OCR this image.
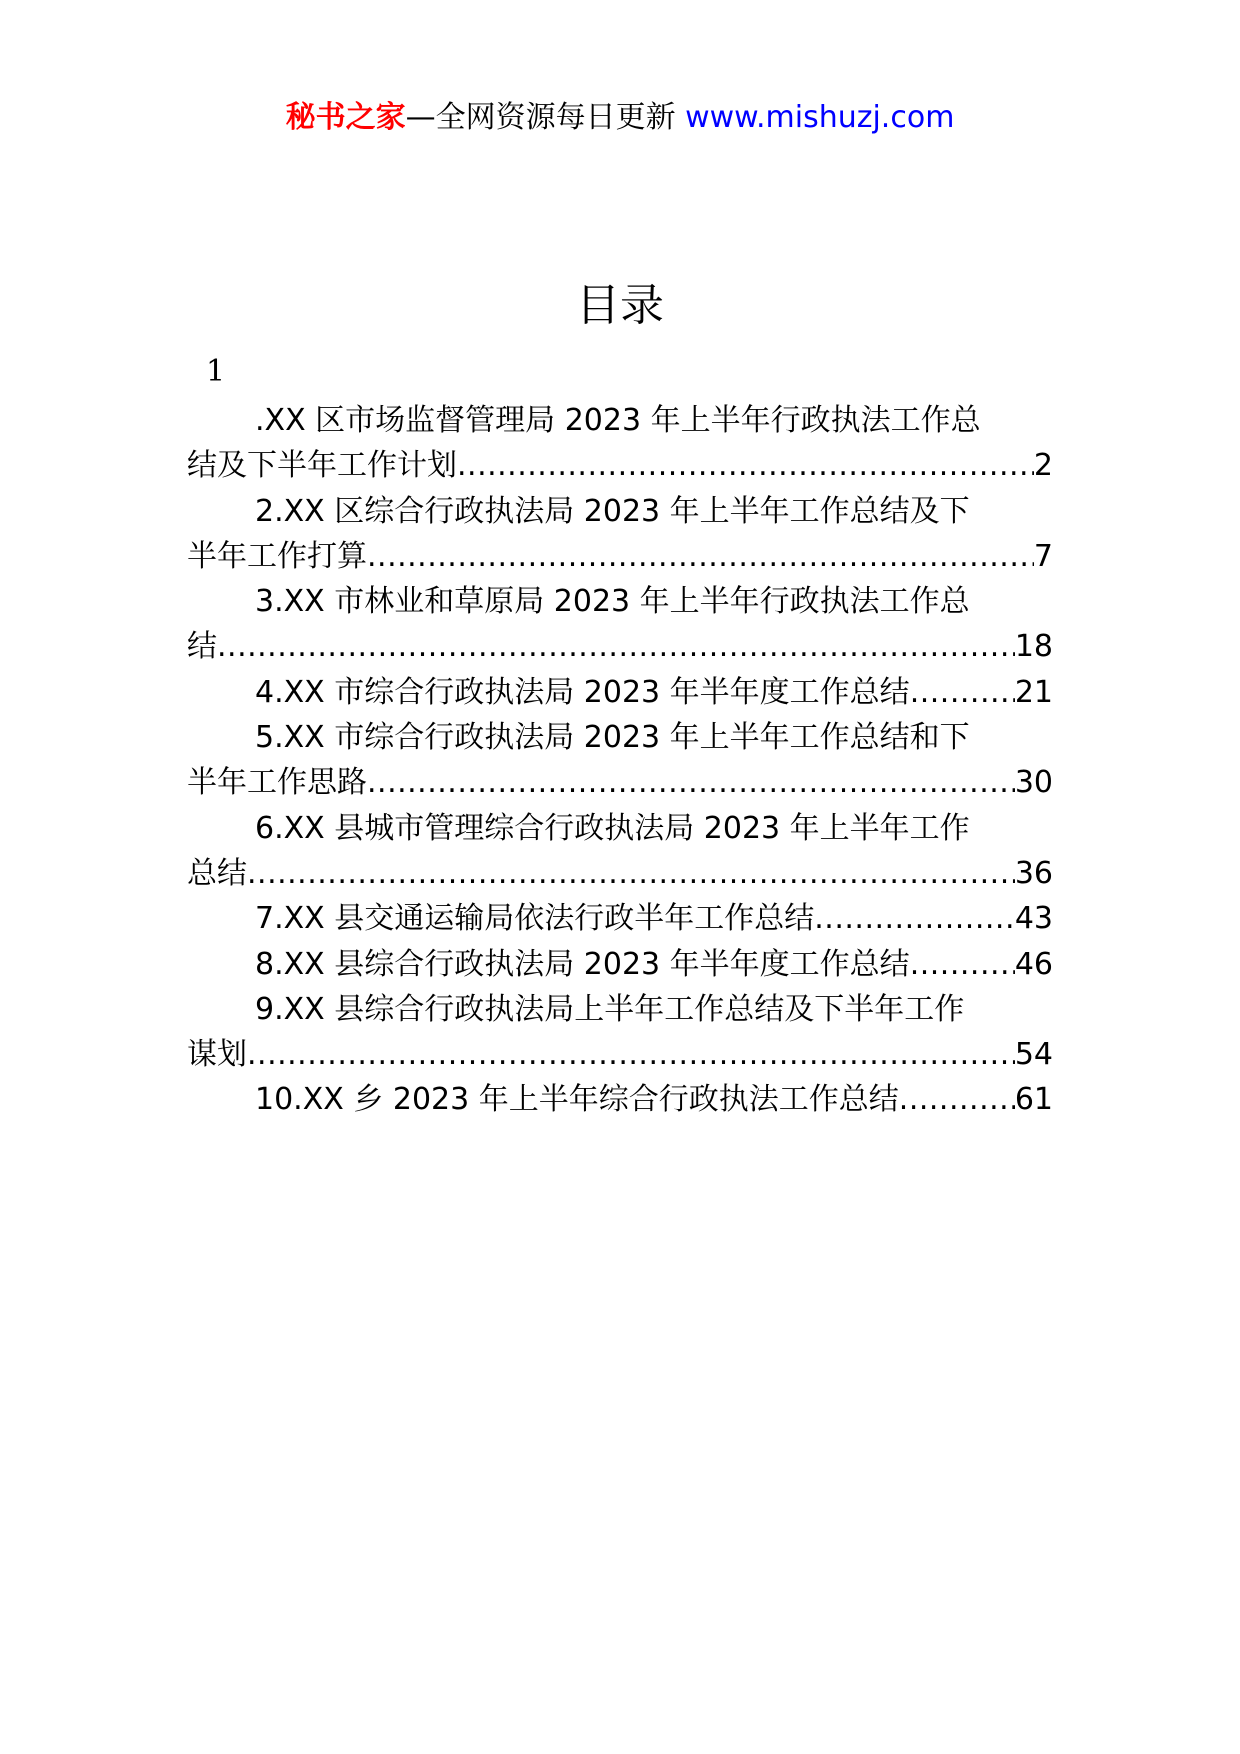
秘书之家—全网资源每日更新 www.mishuzj.com
目录
1
.XX 区市场监督管理局 2023 年上半年行政执法工作总
结及下半年工作计划 .....	2
2.XX 区综合行政执法局 2023 年上半年工作总结及下
半年工作打算 .....	7
3.XX 市林业和草原局 2023 年上半年行政执法工作总
结 .....	18
4.XX 市综合行政执法局 2023 年半年度工作总结 .....	21
5.XX 市综合行政执法局 2023 年上半年工作总结和下
半年工作思路 .....	30
6.XX 县城市管理综合行政执法局 2023 年上半年工作
总结 .....	36
7.XX 县交通运输局依法行政半年工作总结 .....	43
8.XX 县综合行政执法局 2023 年半年度工作总结 .....	46
9.XX 县综合行政执法局上半年工作总结及下半年工作
谋划 .....	54
10.XX 乡 2023 年上半年综合行政执法工作总结 .....	61
